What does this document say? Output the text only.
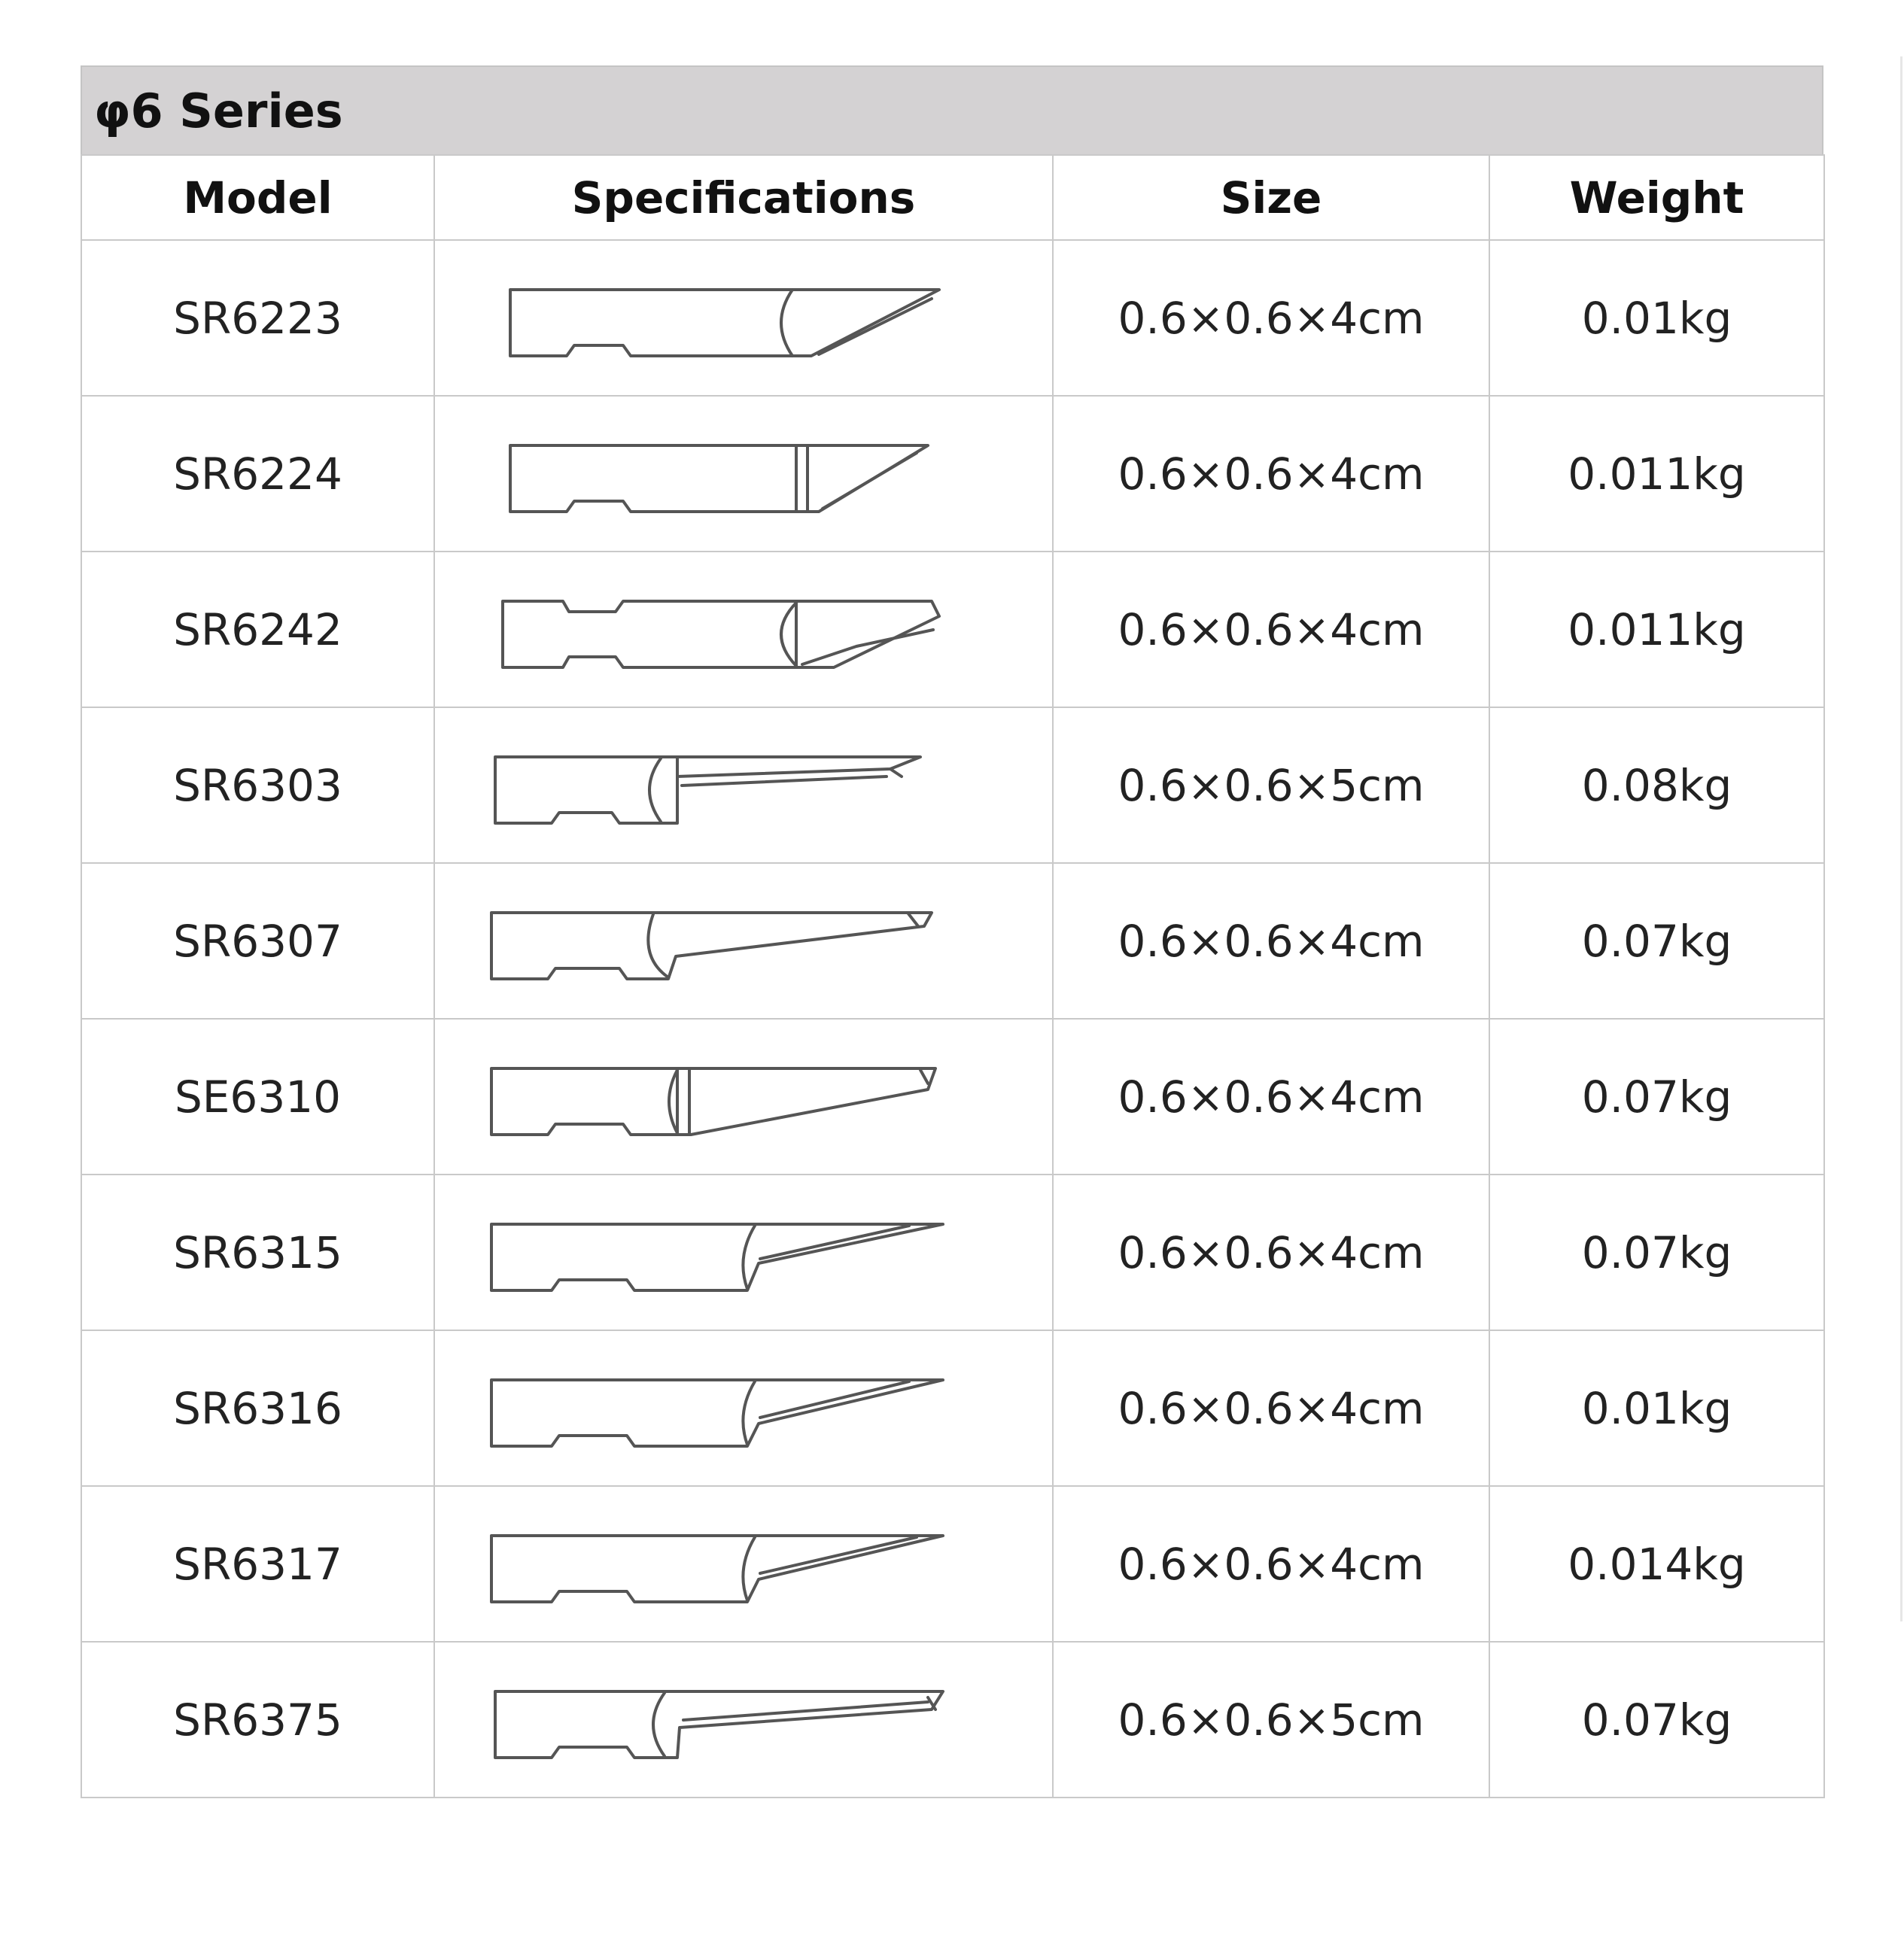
φ6 Series
Model	Specifications	Size	Weight
SR6223		0.6×0.6×4cm	0.01kg
SR6224		0.6×0.6×4cm	0.011kg
SR6242		0.6×0.6×4cm	0.011kg
SR6303		0.6×0.6×5cm	0.08kg
SR6307		0.6×0.6×4cm	0.07kg
SE6310		0.6×0.6×4cm	0.07kg
SR6315		0.6×0.6×4cm	0.07kg
SR6316		0.6×0.6×4cm	0.01kg
SR6317		0.6×0.6×4cm	0.014kg
SR6375		0.6×0.6×5cm	0.07kg
